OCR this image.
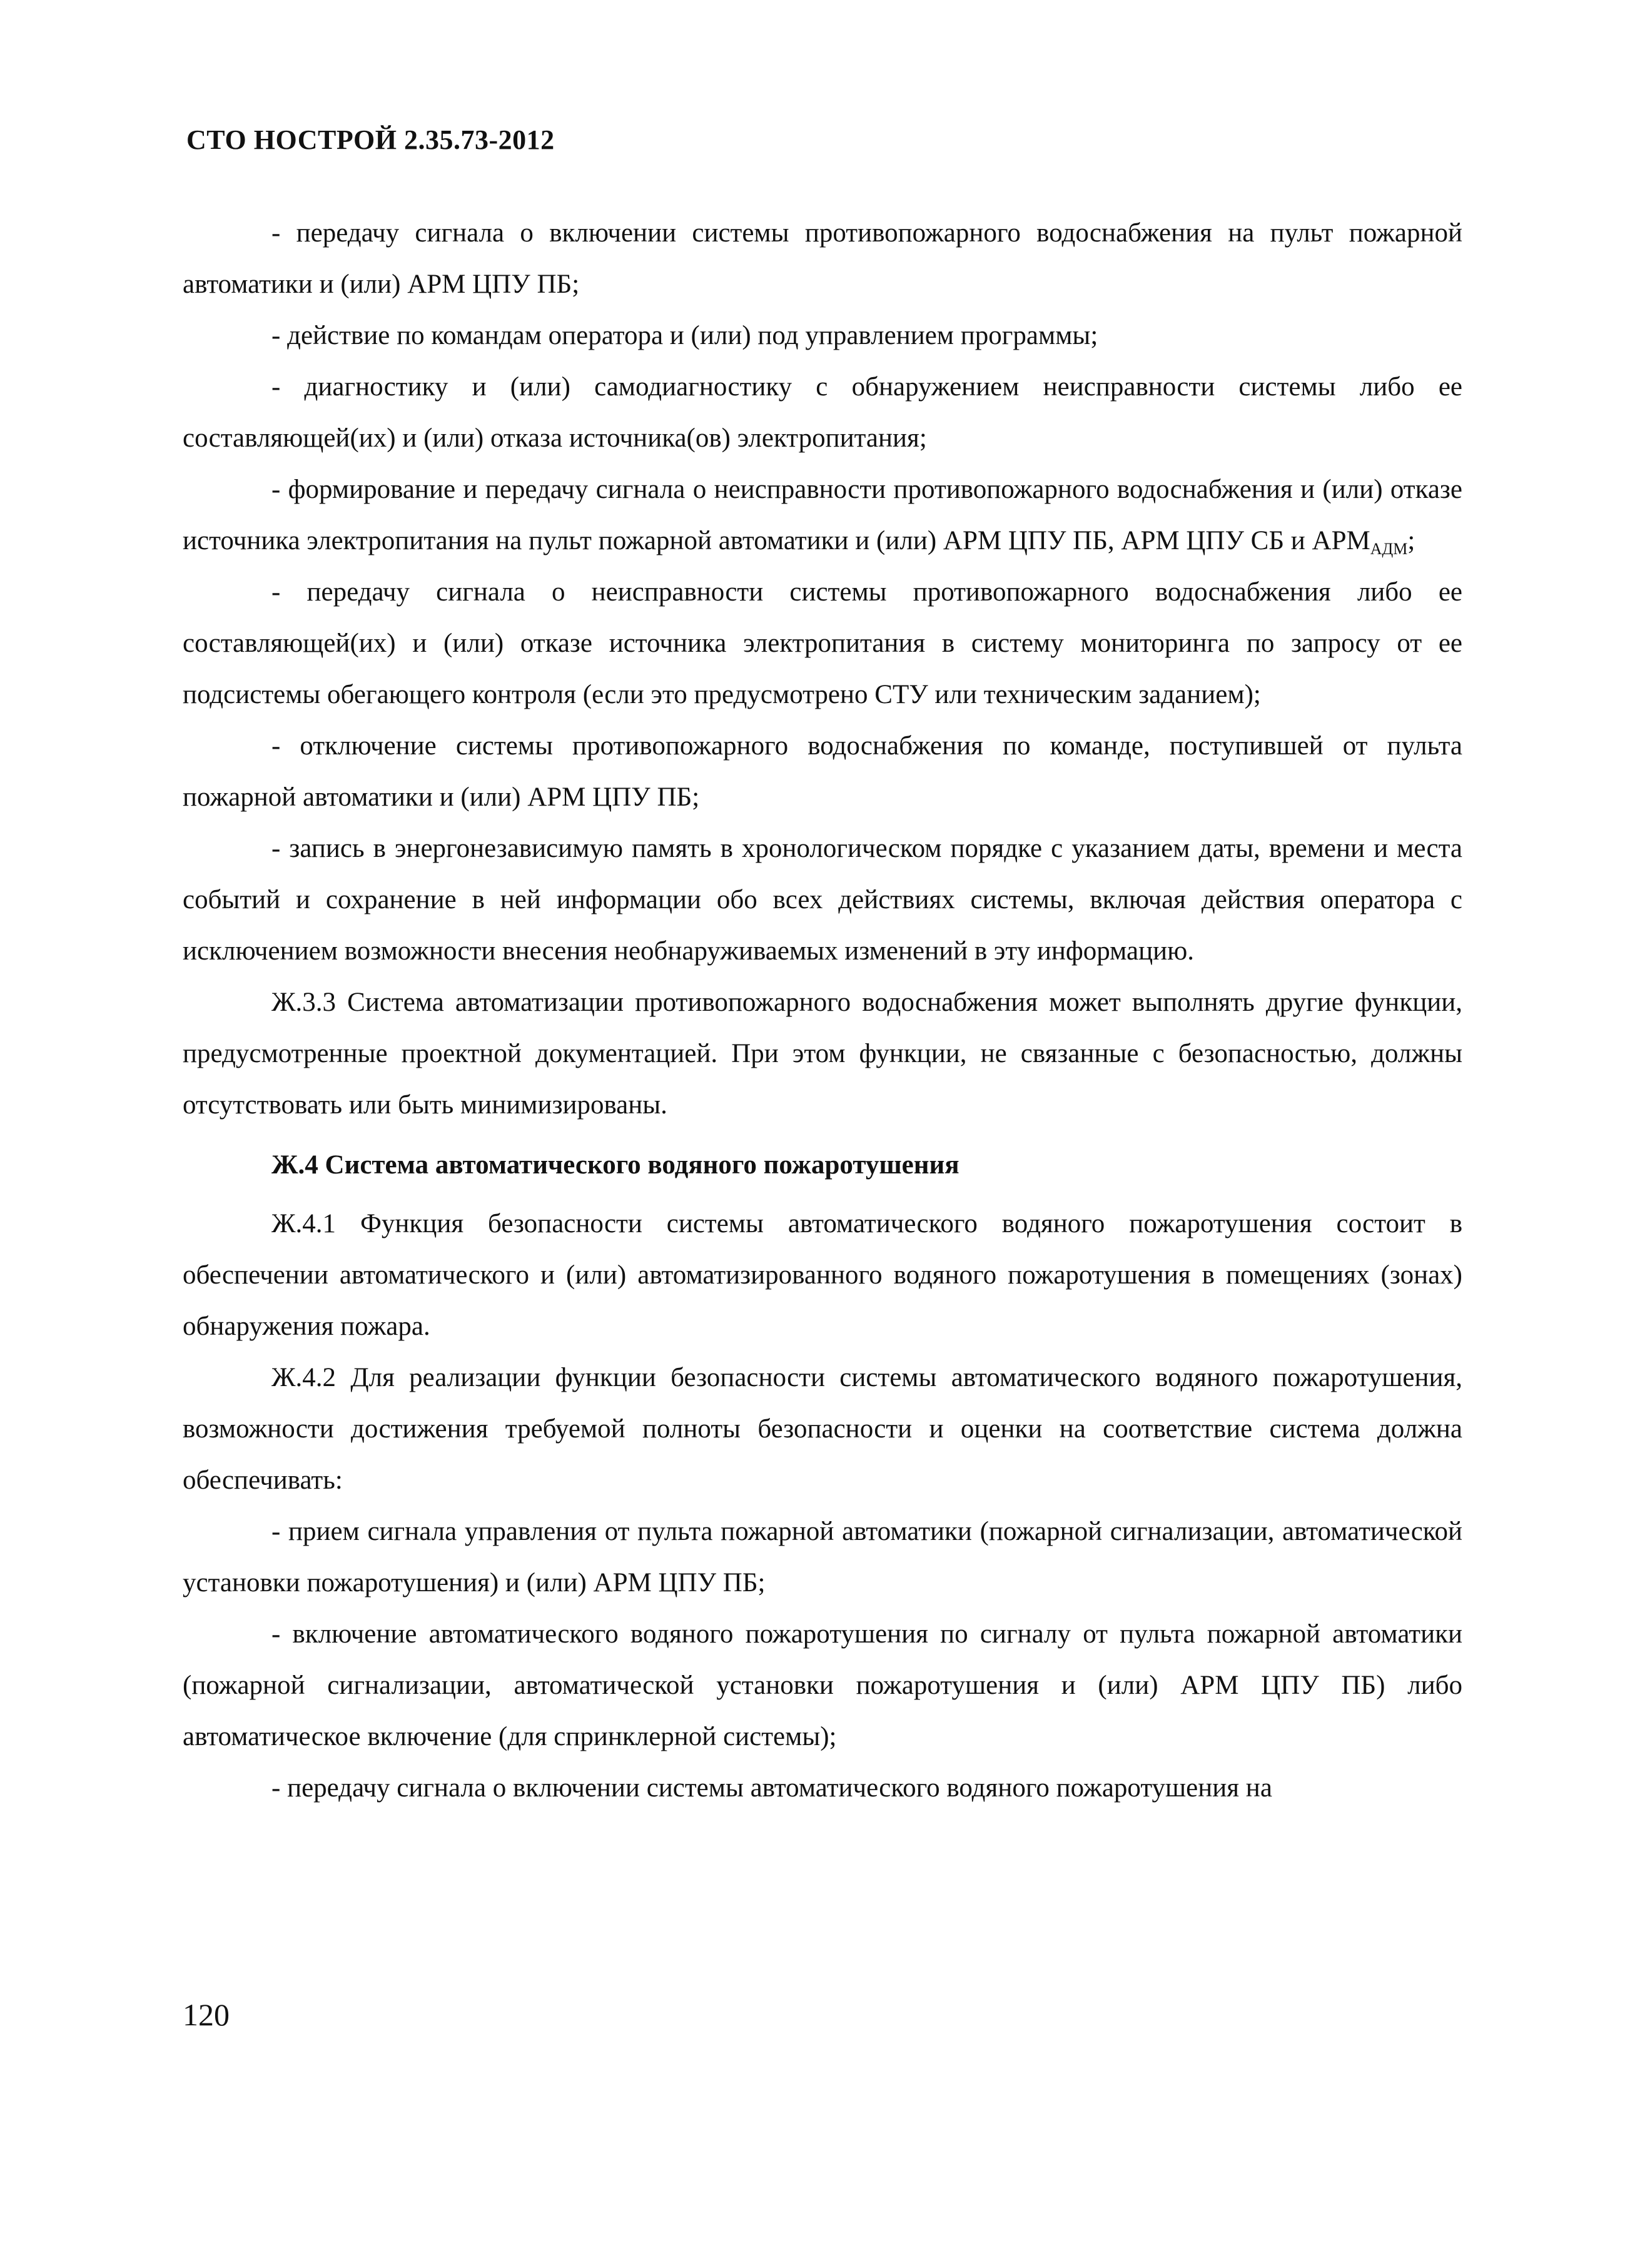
СТО НОСТРОЙ 2.35.73-2012

- передачу сигнала о включении системы противопожарного водоснабжения на пульт пожарной автоматики и (или) АРМ ЦПУ ПБ;

- действие по командам оператора и (или) под управлением программы;

- диагностику и (или) самодиагностику с обнаружением неисправности системы либо ее составляющей(их) и (или) отказа источника(ов) электропитания;

- формирование и передачу сигнала о неисправности противопожарного водоснабжения и (или) отказе источника электропитания на пульт пожарной автоматики и (или) АРМ ЦПУ ПБ, АРМ ЦПУ СБ и $АРМ_{АДМ}$;

- передачу сигнала о неисправности системы противопожарного водоснабжения либо ее составляющей(их) и (или) отказе источника электропитания в систему мониторинга по запросу от ее подсистемы обегающего контроля (если это предусмотрено СТУ или техническим заданием);

- отключение системы противопожарного водоснабжения по команде, поступившей от пульта пожарной автоматики и (или) АРМ ЦПУ ПБ;

- запись в энергонезависимую память в хронологическом порядке с указанием даты, времени и места событий и сохранение в ней информации обо всех действиях системы, включая действия оператора с исключением возможности внесения необнаруживаемых изменений в эту информацию.

Ж.3.3 Система автоматизации противопожарного водоснабжения может выполнять другие функции, предусмотренные проектной документацией. При этом функции, не связанные с безопасностью, должны отсутствовать или быть минимизированы.

Ж.4 Система автоматического водяного пожаротушения

Ж.4.1 Функция безопасности системы автоматического водяного пожаротушения состоит в обеспечении автоматического и (или) автоматизированного водяного пожаротушения в помещениях (зонах) обнаружения пожара.

Ж.4.2 Для реализации функции безопасности системы автоматического водяного пожаротушения, возможности достижения требуемой полноты безопасности и оценки на соответствие система должна обеспечивать:

- прием сигнала управления от пульта пожарной автоматики (пожарной сигнализации, автоматической установки пожаротушения) и (или) АРМ ЦПУ ПБ;

- включение автоматического водяного пожаротушения по сигналу от пульта пожарной автоматики (пожарной сигнализации, автоматической установки пожаротушения и (или) АРМ ЦПУ ПБ) либо автоматическое включение (для спринклерной системы);

- передачу сигнала о включении системы автоматического водяного пожаротушения на

120
